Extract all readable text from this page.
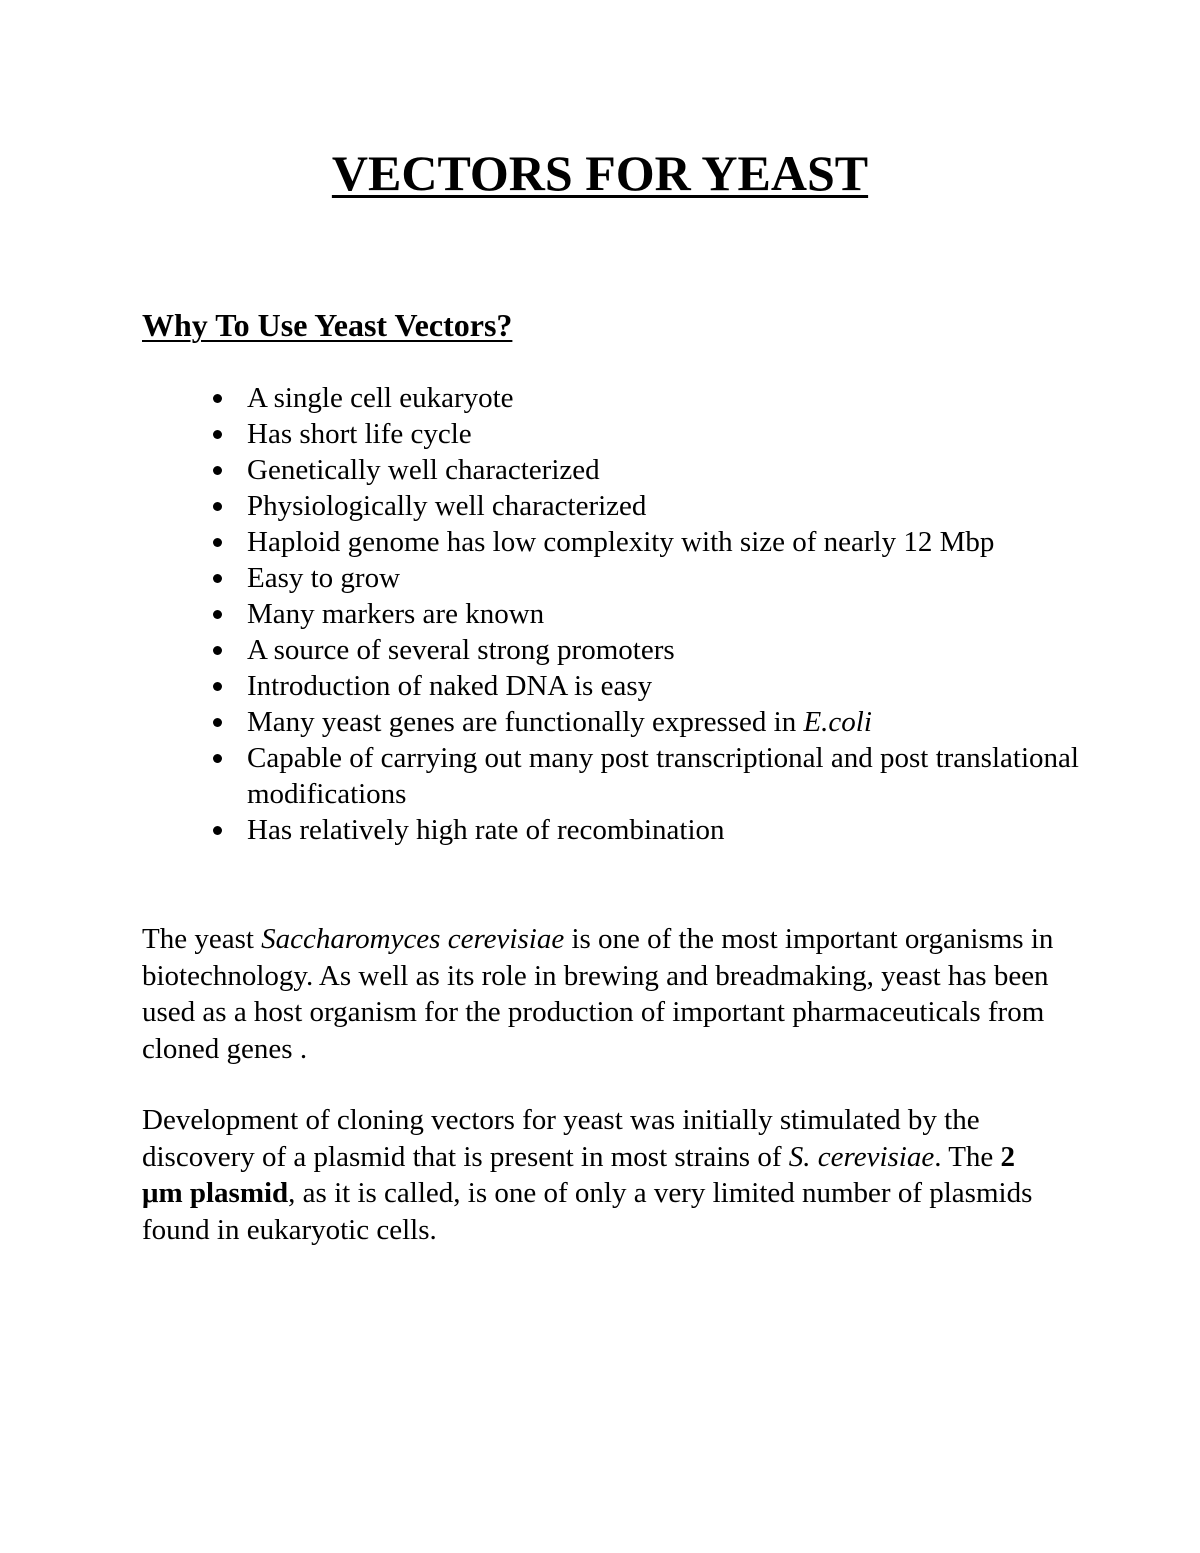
VECTORS FOR YEAST
Why To Use Yeast Vectors?
A single cell eukaryote
Has short life cycle
Genetically well characterized
Physiologically well characterized
Haploid genome has low complexity with size of nearly 12 Mbp
Easy to grow
Many markers are known
A source of several strong promoters
Introduction of naked DNA is easy
Many yeast genes are functionally expressed in E.coli
Capable of carrying out many post transcriptional and post translational modifications
Has relatively high rate of recombination

The yeast Saccharomyces cerevisiae is one of the most important organisms in biotechnology. As well as its role in brewing and breadmaking, yeast has been used as a host organism for the production of important pharmaceuticals from cloned genes .

Development of cloning vectors for yeast was initially stimulated by the discovery of a plasmid that is present in most strains of S. cerevisiae. The 2 μm plasmid, as it is called, is one of only a very limited number of plasmids found in eukaryotic cells.
